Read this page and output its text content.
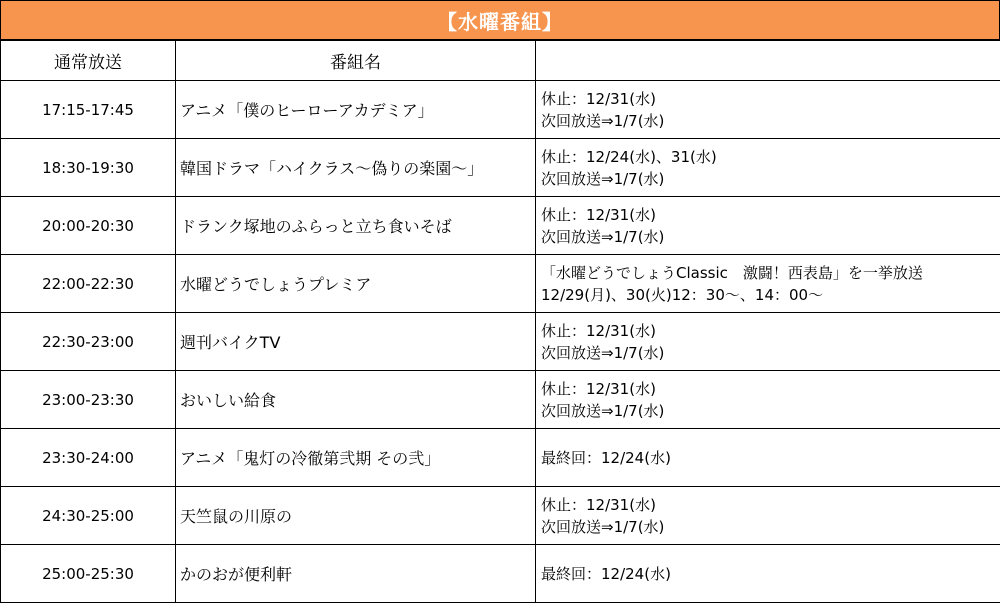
【水曜番組】
通常放送	番組名	
17:15-17:45	アニメ「僕のヒーローアカデミア」	休止：12/31(水)
次回放送⇒1/7(水)

18:30-19:30	韓国ドラマ「ハイクラス～偽りの楽園～」	休止：12/24(水)、31(水)
次回放送⇒1/7(水)

20:00-20:30	ドランク塚地のふらっと立ち食いそば	休止：12/31(水)
次回放送⇒1/7(水)

22:00-22:30	水曜どうでしょうプレミア	「水曜どうでしょうClassic　激闘！西表島」を一挙放送
12/29(月)、30(火)12：30～、14：00～

22:30-23:00	週刊バイクTV	休止：12/31(水)
次回放送⇒1/7(水)

23:00-23:30	おいしい給食	休止：12/31(水)
次回放送⇒1/7(水)

23:30-24:00	アニメ「鬼灯の冷徹第弐期 その弐」	最終回：12/24(水)

24:30-25:00	天竺鼠の川原の	休止：12/31(水)
次回放送⇒1/7(水)

25:00-25:30	かのおが便利軒	最終回：12/24(水)
